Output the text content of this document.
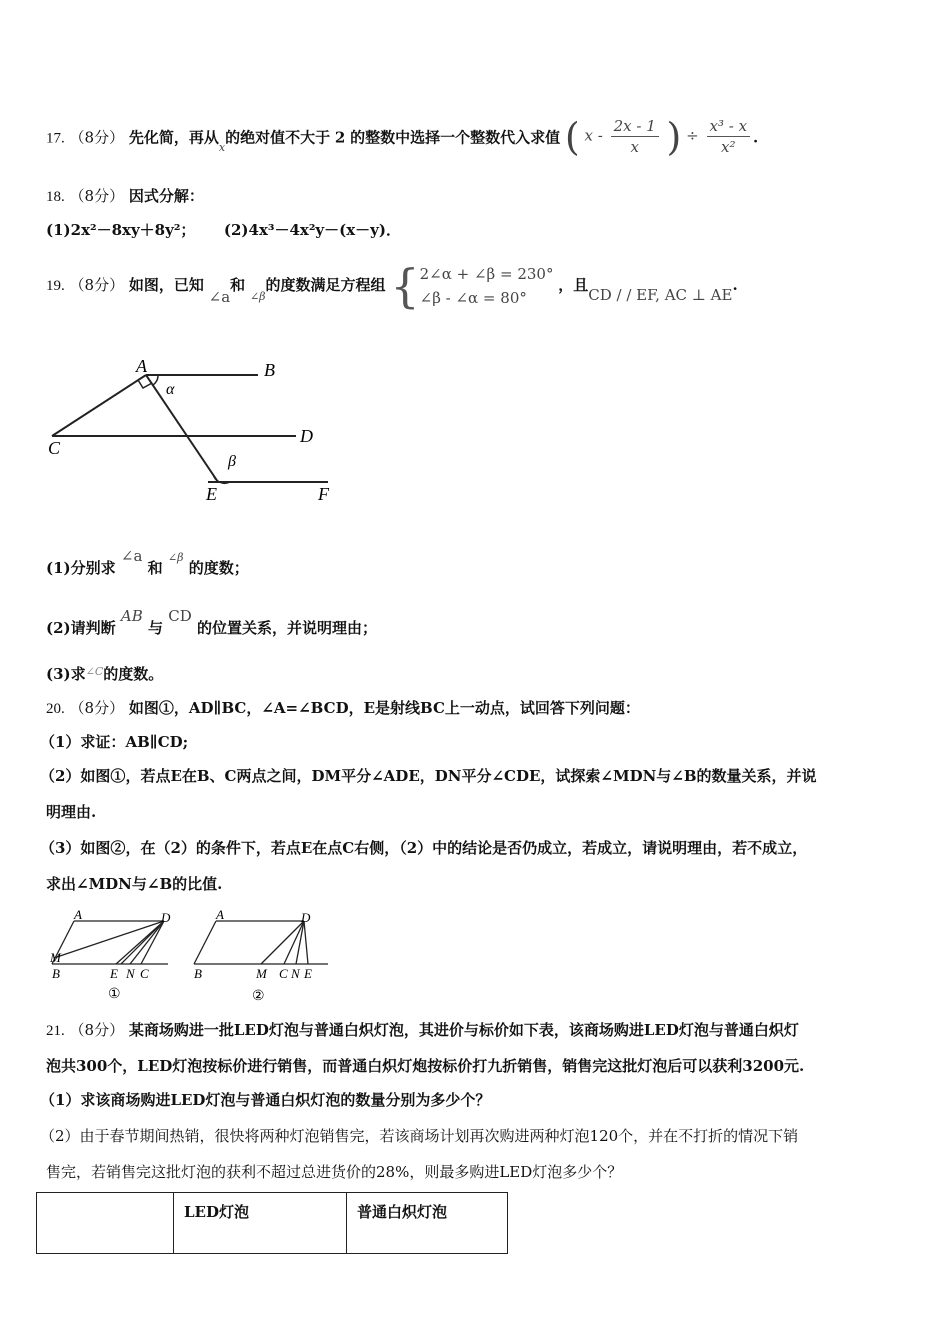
17. （8分） 先化简，再从$_x$的绝对值不大于 2 的整数中选择一个整数代入求值 ( x - $\frac{2x - 1}{x}$ ) ÷ $\frac{\text{x³ - x}}{\text{x²}}$ .
18. （8分） 因式分解：
(1)2x²－8xy＋8y²； (2)4x³－4x²y－(x－y)．
19. （8分） 如图，已知 ∠a和 $_{\angle\beta}$的度数满足方程组 { 2∠α + ∠β = 230°
∠β - ∠α = 80°
，且CD / / EF, AC ⊥ AE.
A	B
C
D
E	F
α
β
(1)分别求 ∠a 和 $^{\angle\beta}$ 的度数；
(2)请判断 AB 与 CD 的位置关系，并说明理由；
(3)求$^{\angle C}$的度数。
20. （8分） 如图①，AD∥BC，∠A=∠BCD，E是射线BC上一动点，试回答下列问题：
（1）求证：AB∥CD;
（2）如图①，若点E在B、C两点之间，DM平分∠ADE，DN平分∠CDE，试探索∠MDN与∠B的数量关系，并说
明理由.
（3）如图②，在（2）的条件下，若点E在点C右侧，（2）中的结论是否仍成立，若成立，请说明理由，若不成立，
求出∠MDN与∠B的比值.
A	D
M
B	E N C
①
A	D
B	M C N E
②
21. （8分） 某商场购进一批LED灯泡与普通白炽灯泡，其进价与标价如下表，该商场购进LED灯泡与普通白炽灯
泡共300个，LED灯泡按标价进行销售，而普通白炽灯炮按标价打九折销售，销售完这批灯泡后可以获利3200元.
（1）求该商场购进LED灯泡与普通白炽灯泡的数量分别为多少个？
（2）由于春节期间热销，很快将两种灯泡销售完，若该商场计划再次购进两种灯泡120个，并在不打折的情况下销
售完，若销售完这批灯泡的获利不超过总进货价的28%，则最多购进LED灯泡多少个？
	LED灯泡	普通白炽灯泡
